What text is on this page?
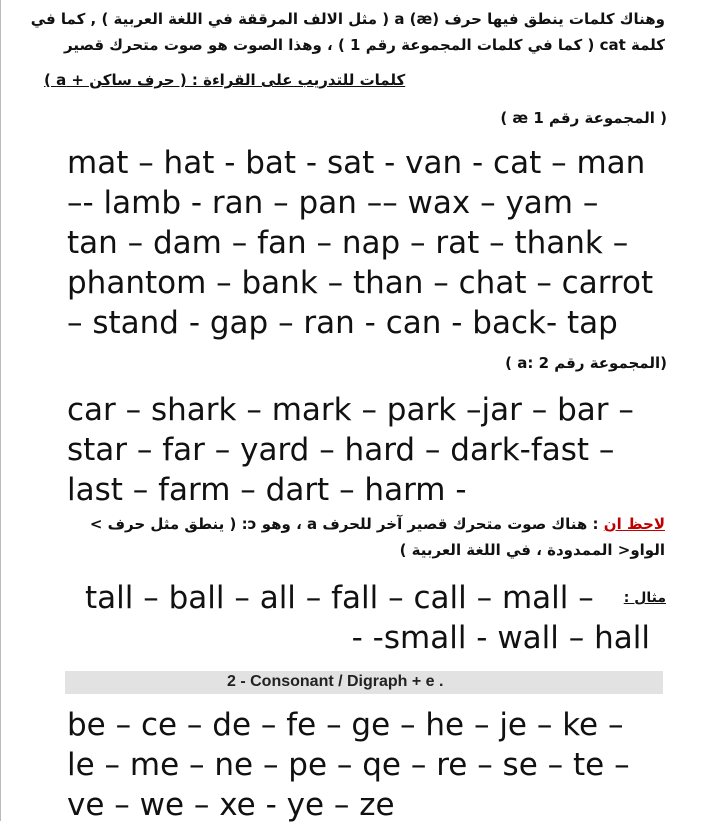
وهناك كلمات ينطق فيها حرف a (æ) ( مثل الالف المرققة في اللغة العربية ) , كما في
كلمة cat ( كما في كلمات المجموعة رقم 1 ) ، وهذا الصوت هو صوت متحرك قصير
كلمات للتدريب على القراءة : ( حرف ساكن + a )
( المجموعة رقم 1 æ )
mat – hat - bat - sat - van - cat – man
–- lamb - ran – pan –– wax – yam –
tan – dam – fan – nap – rat – thank –
phantom – bank – than – chat – carrot
– stand - gap – ran - can - back- tap
(المجموعة رقم 2 :a )
car – shark – mark – park –jar – bar –
star – far – yard – hard – dark-fast –
last – farm – dart – harm -
لاحظ ان : هناك صوت متحرك قصير آخر للحرف a ، وهو ɔ: ( ينطق مثل حرف >
الواو< الممدودة ، في اللغة العربية )
tall – ball – all – fall – call – mall – مثال :
- -small - wall – hall
2 - Consonant / Digraph + e .
be – ce – de – fe – ge – he – je – ke –
le – me – ne – pe – qe – re – se – te –
ve – we – xe - ye – ze
